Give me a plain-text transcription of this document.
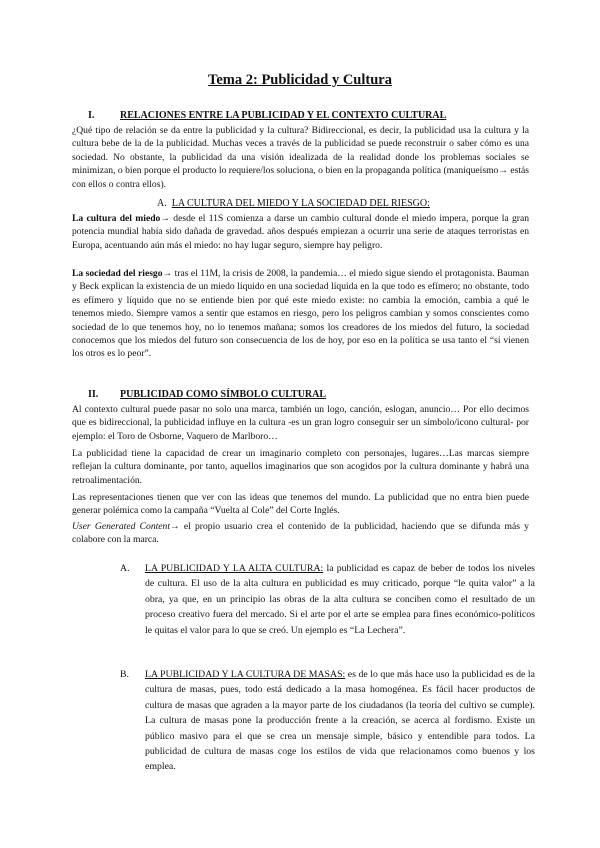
Tema 2: Publicidad y Cultura
I.	RELACIONES ENTRE LA PUBLICIDAD Y EL CONTEXTO CULTURAL

¿Qué tipo de relación se da entre la publicidad y la cultura? Bidireccional, es decir, la publicidad usa la cultura y la cultura bebe de la de la publicidad. Muchas veces a través de la publicidad se puede reconstruir o saber cómo es una sociedad. No obstante, la publicidad da una visión idealizada de la realidad donde los problemas sociales se minimizan, o bien porque el producto lo requiere/los soluciona, o bien en la propaganda política (maniqueísmo→ estás con ellos o contra ellos).

A. LA CULTURA DEL MIEDO Y LA SOCIEDAD DEL RIESGO:

La cultura del miedo→ desde el 11S comienza a darse un cambio cultural donde el miedo impera, porque la gran potencia mundial había sido dañada de gravedad. años después empiezan a ocurrir una serie de ataques terroristas en Europa, acentuando aún más el miedo: no hay lugar seguro, siempre hay peligro.

La sociedad del riesgo→ tras el 11M, la crisis de 2008, la pandemia… el miedo sigue siendo el protagonista. Bauman y Beck explican la existencia de un miedo líquido en una sociedad líquida en la que todo es efímero; no obstante, todo es efímero y líquido que no se entiende bien por qué este miedo existe: no cambia la emoción, cambia a qué le tenemos miedo. Siempre vamos a sentir que estamos en riesgo, pero los peligros cambian y somos conscientes como sociedad de lo que tenemos hoy, no lo tenemos mañana; somos los creadores de los miedos del futuro, la sociedad conocemos que los miedos del futuro son consecuencia de los de hoy, por eso en la política se usa tanto el “si vienen los otros es lo peor”.

II. PUBLICIDAD COMO SÍMBOLO CULTURAL

Al contexto cultural puede pasar no solo una marca, también un logo, canción, eslogan, anuncio… Por ello decimos que es bidireccional, la publicidad influye en la cultura -es un gran logro conseguir ser un símbolo/icono cultural- por ejemplo: el Toro de Osborne, Vaquero de Marlboro…

La publicidad tiene la capacidad de crear un imaginario completo con personajes, lugares…Las marcas siempre reflejan la cultura dominante, por tanto, aquellos imaginarios que son acogidos por la cultura dominante y habrá una retroalimentación.

Las representaciones tienen que ver con las ideas que tenemos del mundo. La publicidad que no entra bien puede generar polémica como la campaña “Vuelta al Cole” del Corte Inglés.

User Generated Content→ el propio usuario crea el contenido de la publicidad, haciendo que se difunda más y colabore con la marca.

A. LA PUBLICIDAD Y LA ALTA CULTURA: la publicidad es capaz de beber de todos los niveles de cultura. El uso de la alta cultura en publicidad es muy criticado, porque “le quita valor” a la obra, ya que, en un principio las obras de la alta cultura se conciben como el resultado de un proceso creativo fuera del mercado. Si el arte por el arte se emplea para fines económico-políticos le quitas el valor para lo que se creó. Un ejemplo es “La Lechera”.
B. LA PUBLICIDAD Y LA CULTURA DE MASAS: es de lo que más hace uso la publicidad es de la cultura de masas, pues, todo está dedicado a la masa homogénea. Es fácil hacer productos de cultura de masas que agraden a la mayor parte de los ciudadanos (la teoría del cultivo se cumple). La cultura de masas pone la producción frente a la creación, se acerca al fordismo. Existe un público masivo para el que se crea un mensaje simple, básico y entendible para todos. La publicidad de cultura de masas coge los estilos de vida que relacionamos como buenos y los emplea.
